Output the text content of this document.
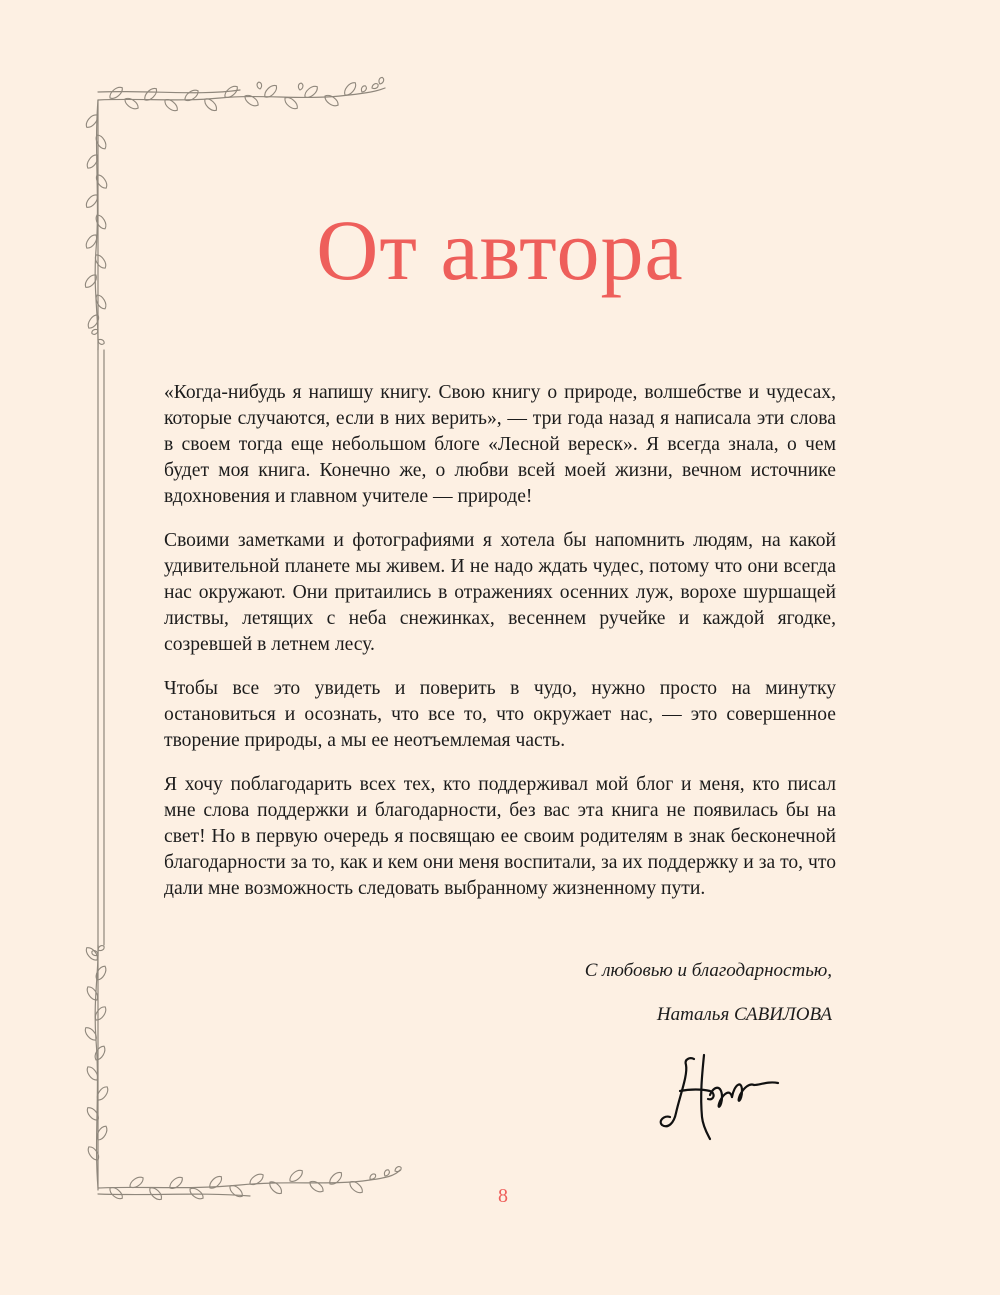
От автора

«Когда-нибудь я напишу книгу. Свою книгу о природе, волшебстве и чудесах, которые случаются, если в них верить», — три года назад я написала эти слова в своем тогда еще небольшом блоге «Лесной вереск». Я всегда знала, о чем будет моя книга. Конечно же, о любви всей моей жизни, вечном источнике вдохновения и главном учителе — природе!

Своими заметками и фотографиями я хотела бы напомнить людям, на какой удивительной планете мы живем. И не надо ждать чудес, потому что они всегда нас окружают. Они притаились в отражениях осенних луж, ворохе шуршащей листвы, летящих с неба снежинках, весеннем ручейке и каждой ягодке, созревшей в летнем лесу.

Чтобы все это увидеть и поверить в чудо, нужно просто на минутку остановиться и осознать, что все то, что окружает нас, — это совершенное творение природы, а мы ее неотъемлемая часть.

Я хочу поблагодарить всех тех, кто поддерживал мой блог и меня, кто писал мне слова поддержки и благодарности, без вас эта книга не появилась бы на свет! Но в первую очередь я посвящаю ее своим родителям в знак бесконечной благодарности за то, как и кем они меня воспитали, за их поддержку и за то, что дали мне возможность следовать выбранному жизненному пути.

С любовью и благодарностью,
Наталья САВИЛОВА
8
